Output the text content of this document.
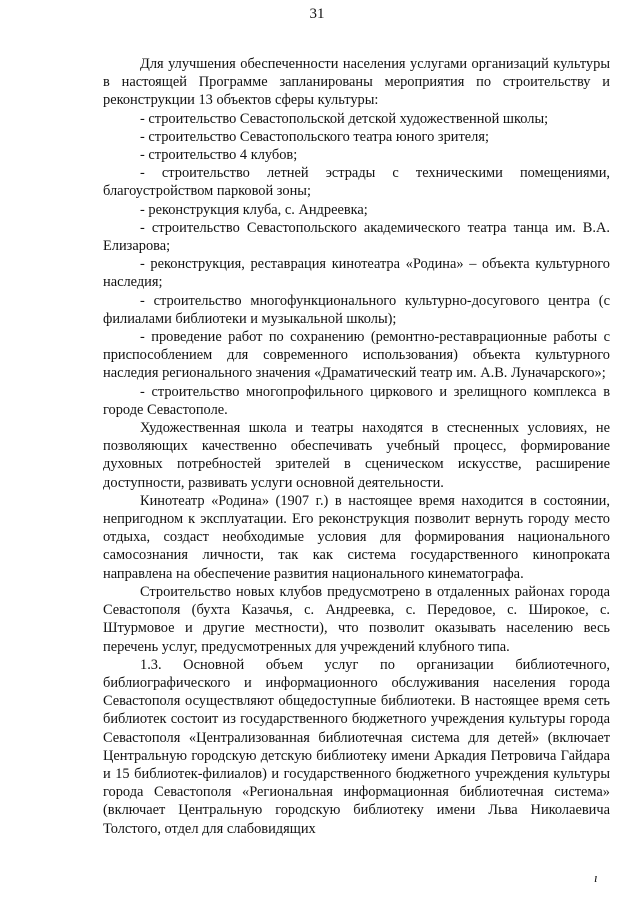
31

Для улучшения обеспеченности населения услугами организаций культуры в настоящей Программе запланированы мероприятия по строительству и реконструкции 13 объектов сферы культуры:

- строительство Севастопольской детской художественной школы;

- строительство Севастопольского театра юного зрителя;

- строительство 4 клубов;

- строительство летней эстрады с техническими помещениями, благоустройством парковой зоны;

- реконструкция клуба, с. Андреевка;

- строительство Севастопольского академического театра танца им. В.А. Елизарова;

- реконструкция, реставрация кинотеатра «Родина» – объекта культурного наследия;

- строительство многофункционального культурно-досугового центра (с филиалами библиотеки и музыкальной школы);

- проведение работ по сохранению (ремонтно-реставрационные работы с приспособлением для современного использования) объекта культурного наследия регионального значения «Драматический театр им. А.В. Луначарского»;

- строительство многопрофильного циркового и зрелищного комплекса в городе Севастополе.

Художественная школа и театры находятся в стесненных условиях, не позволяющих качественно обеспечивать учебный процесс, формирование духовных потребностей зрителей в сценическом искусстве, расширение доступности, развивать услуги основной деятельности.

Кинотеатр «Родина» (1907 г.) в настоящее время находится в состоянии, непригодном к эксплуатации. Его реконструкция позволит вернуть городу место отдыха, создаст необходимые условия для формирования национального самосознания личности, так как система государственного кинопроката направлена на обеспечение развития национального кинематографа.

Строительство новых клубов предусмотрено в отдаленных районах города Севастополя (бухта Казачья, с. Андреевка, с. Передовое, с. Широкое, с. Штурмовое и другие местности), что позволит оказывать населению весь перечень услуг, предусмотренных для учреждений клубного типа.

1.3. Основной объем услуг по организации библиотечного, библиографического и информационного обслуживания населения города Севастополя осуществляют общедоступные библиотеки. В настоящее время сеть библиотек состоит из государственного бюджетного учреждения культуры города Севастополя «Централизованная библиотечная система для детей» (включает Центральную городскую детскую библиотеку имени Аркадия Петровича Гайдара и 15 библиотек-филиалов) и государственного бюджетного учреждения культуры города Севастополя «Региональная информационная библиотечная система» (включает Центральную городскую библиотеку имени Льва Николаевича Толстого, отдел для слабовидящих

ı
